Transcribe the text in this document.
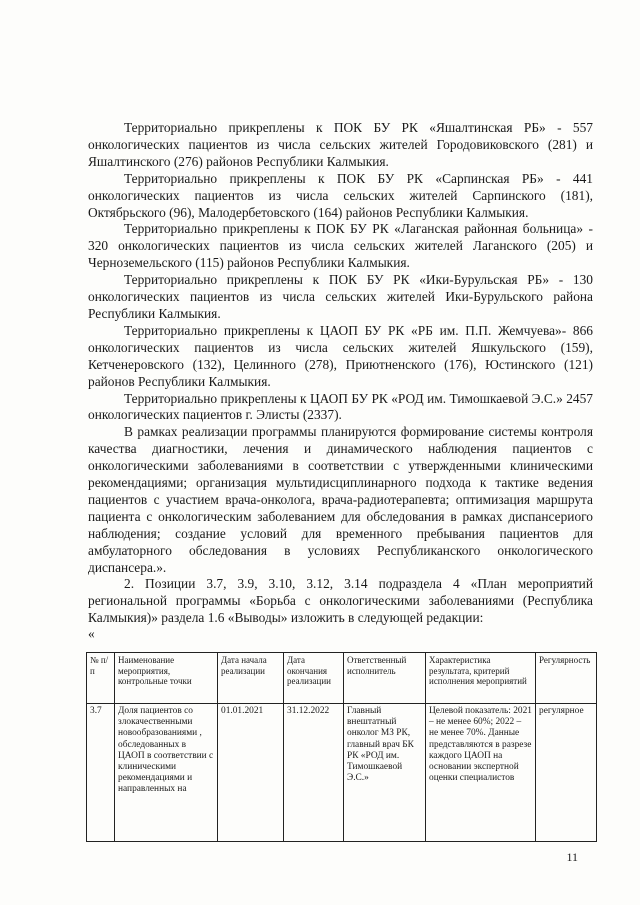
Территориально прикреплены к ПОК БУ РК «Яшалтинская РБ» - 557 онкологических пациентов из числа сельских жителей Городовиковского (281) и Яшалтинского (276) районов Республики Калмыкия.

Территориально прикреплены к ПОК БУ РК «Сарпинская РБ» - 441 онкологических пациентов из числа сельских жителей Сарпинского (181), Октябрьского (96), Малодербетовского (164) районов Республики Калмыкия.

Территориально прикреплены к ПОК БУ РК «Лаганская районная больница» - 320 онкологических пациентов из числа сельских жителей Лаганского (205) и Черноземельского (115) районов Республики Калмыкия.

Территориально прикреплены к ПОК БУ РК «Ики-Бурульская РБ» - 130 онкологических пациентов из числа сельских жителей Ики-Бурульского района Республики Калмыкия.

Территориально прикреплены к ЦАОП БУ РК «РБ им. П.П. Жемчуева»- 866 онкологических пациентов из числа сельских жителей Яшкульского (159), Кетченеровского (132), Целинного (278), Приютненского (176), Юстинского (121) районов Республики Калмыкия.

Территориально прикреплены к ЦАОП БУ РК «РОД им. Тимошкаевой Э.С.» 2457 онкологических пациентов г. Элисты (2337).

В рамках реализации программы планируются формирование системы контроля качества диагностики, лечения и динамического наблюдения пациентов с онкологическими заболеваниями в соответствии с утвержденными клиническими рекомендациями; организация мультидисциплинарного подхода к тактике ведения пациентов с участием врача-онколога, врача-радиотерапевта; оптимизация маршрута пациента с онкологическим заболеванием для обследования в рамках диспансериого наблюдения; создание условий для временного пребывания пациентов для амбулаторного обследования в условиях Республиканского онкологического диспансера.».

2. Позиции 3.7, 3.9, 3.10, 3.12, 3.14 подраздела 4 «План мероприятий региональной программы «Борьба с онкологическими заболеваниями (Республика Калмыкия)» раздела 1.6 «Выводы» изложить в следующей редакции:

«

№ п/п	Наименование мероприятия, контрольные точки	Дата начала реализации	Дата окончания реализации	Ответственный исполнитель	Характеристика результата, критерий исполнения мероприятий	Регулярность
3.7	Доля пациентов со злокачественными новообразованиями , обследованных в ЦАОП в соответствии с клиническими рекомендациями и направленных на	01.01.2021	31.12.2022	Главный внештатный онколог МЗ РК, главный врач БК РК «РОД им. Тимошкаевой Э.С.»	Целевой показатель: 2021 – не менее 60%; 2022 – не менее 70%. Данные представляются в разрезе каждого ЦАОП на основании экспертной оценки специалистов	регулярное
11
